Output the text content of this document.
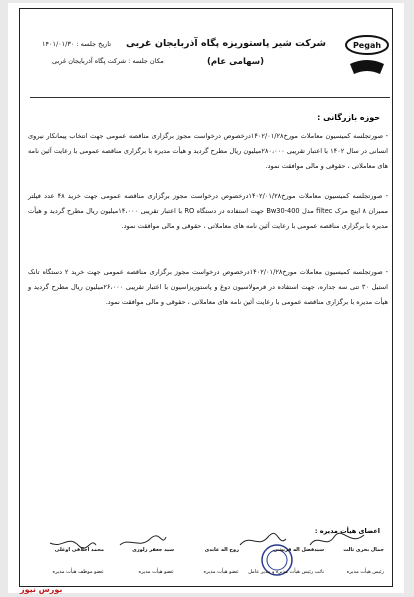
Pegah
شرکت شیر پاستوریزه پگاه آذربایجان غربی
(سهامی عام)
تاریخ جلسه : ۱۴۰۱/۰۱/۳۰
مکان جلسه : شرکت پگاه آذربایجان غربی
حوزه بازرگانی :
- صورتجلسه کمیسیون معاملات مورخ۱۴۰۲/۰۱/۲۸درخصوص درخواست مجوز برگزاری مناقصه عمومی جهت انتخاب پیمانکار نیروی انسانی در سال ۱۴۰۲ با اعتبار تقریبی ۲۸۰،۰۰۰میلیون ریال مطرح گردید و هیأت مدیره با برگزاری مناقصه عمومی با رعایت آئین نامه های معاملاتی ، حقوقی و مالی موافقت نمود.
- صورتجلسه کمیسیون معاملات مورخ۱۴۰۲/۰۱/۲۸درخصوص درخواست مجوز برگزاری مناقصه عمومی جهت خرید ۴۸ عدد فیلتر ممبران ۸ اینچ مرک filtec مدل Bw30-400 جهت استفاده در دستگاه RO با اعتبار تقریبی ۱۴،۰۰۰میلیون ریال مطرح گردید و هیأت مدیره با برگزاری مناقصه عمومی با رعایت آئین نامه های معاملاتی ، حقوقی و مالی موافقت نمود.
- صورتجلسه کمیسیون معاملات مورخ۱۴۰۲/۰۱/۲۸درخصوص درخواست مجوز برگزاری مناقصه عمومی جهت خرید ۲ دستگاه تانک استیل ۳۰ تنی سه جداره، جهت استفاده در فرمولاسیون دوغ و پاستوریزاسیون با اعتبار تقریبی ۲۶،۰۰۰میلیون ریال مطرح گردید و هیأت مدیره با برگزاری مناقصه عمومی با رعایت آئین نامه های معاملاتی ، حقوقی و مالی موافقت نمود.
اعضای هیأت مدیره :
جمال بحری ثالث
سیدفضل اله قریشی
روح اله عابدی
سید جعفر زلوزی
محمد اخلاقی اوغلی
رئیس هیأت مدیره
نائب رئیس هیأت مدیره و مدیر عامل
عضو هیأت مدیره
عضو هیأت مدیره
عضو موظف هیأت مدیره
بورس نیوز
